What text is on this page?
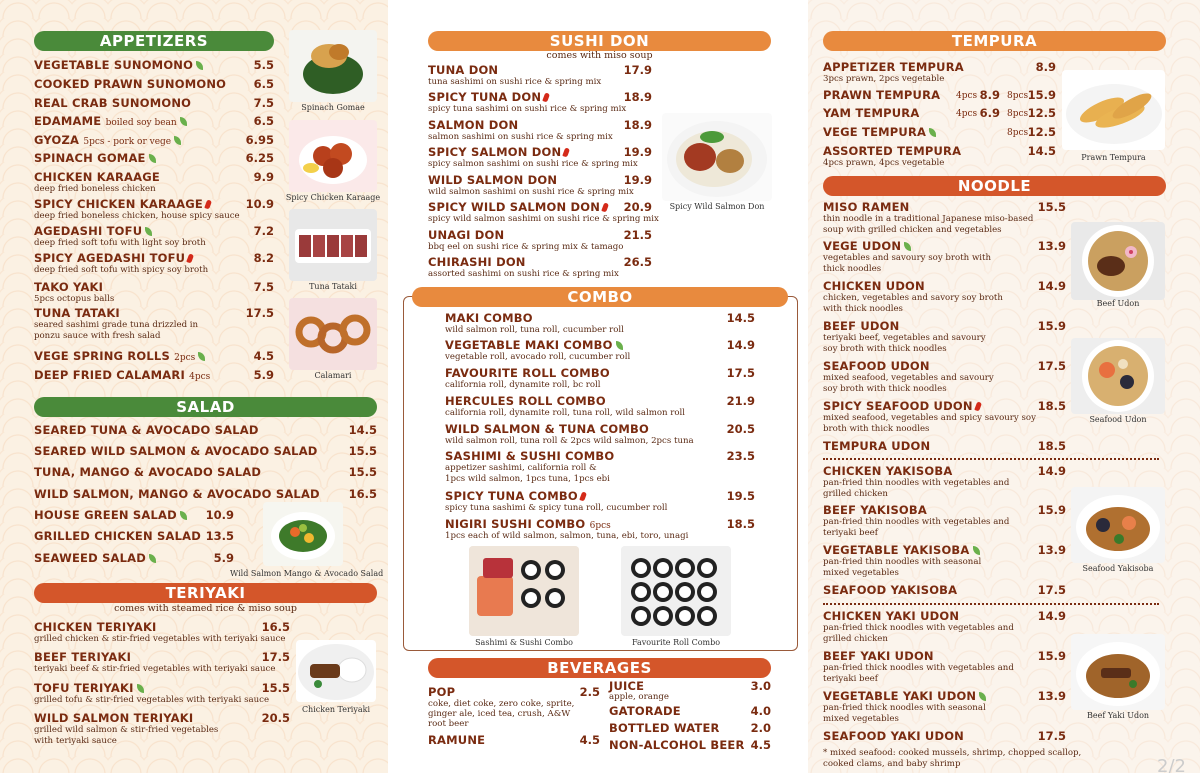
APPETIZERS
VEGETABLE SUNOMONO	5.5
COOKED PRAWN SUNOMONO	6.5
REAL CRAB SUNOMONO	7.5
EDAMAME boiled soy bean	6.5
GYOZA 5pcs - pork or vege	6.95
SPINACH GOMAE	6.25
CHICKEN KARAAGE
deep fried boneless chicken
9.9
SPICY CHICKEN KARAAGE
deep fried boneless chicken, house spicy sauce
10.9
AGEDASHI TOFU
deep fried soft tofu with light soy broth
7.2
SPICY AGEDASHI TOFU
deep fried soft tofu with spicy soy broth
8.2
TAKO YAKI
5pcs octopus balls
7.5
TUNA TATAKI
seared sashimi grade tuna drizzled in
ponzu sauce with fresh salad
17.5
VEGE SPRING ROLLS 2pcs	4.5
DEEP FRIED CALAMARI 4pcs	5.9
SALAD
SEARED TUNA & AVOCADO SALAD	14.5
SEARED WILD SALMON & AVOCADO SALAD	15.5
TUNA, MANGO & AVOCADO SALAD	15.5
WILD SALMON, MANGO & AVOCADO SALAD	16.5
HOUSE GREEN SALAD	10.9
GRILLED CHICKEN SALAD 13.5
SEAWEED SALAD	5.9
TERIYAKI
comes with steamed rice & miso soup
CHICKEN TERIYAKI
grilled chicken & stir-fried vegetables with teriyaki sauce
16.5
BEEF TERIYAKI
teriyaki beef & stir-fried vegetables with teriyaki sauce
17.5
TOFU TERIYAKI
grilled tofu & stir-fried vegetables with teriyaki sauce
15.5
WILD SALMON TERIYAKI
grilled wild salmon & stir-fried vegetables
with teriyaki sauce
20.5
Spinach Gomae
Spicy Chicken Karaage
Tuna Tataki
Calamari
Wild Salmon Mango & Avocado Salad
Chicken Teriyaki
SUSHI DON
comes with miso soup
TUNA DON
tuna sashimi on sushi rice & spring mix
17.9
SPICY TUNA DON
spicy tuna sashimi on sushi rice & spring mix
18.9
SALMON DON
salmon sashimi on sushi rice & spring mix
18.9
SPICY SALMON DON
spicy salmon sashimi on sushi rice & spring mix
19.9
WILD SALMON DON
wild salmon sashimi on sushi rice & spring mix
19.9
SPICY WILD SALMON DON
spicy wild salmon sashimi on sushi rice & spring mix
20.9
UNAGI DON
bbq eel on sushi rice & spring mix & tamago
21.5
CHIRASHI DON
assorted sashimi on sushi rice & spring mix
26.5
Spicy Wild Salmon Don
COMBO
MAKI COMBO
wild salmon roll, tuna roll, cucumber roll
14.5
VEGETABLE MAKI COMBO
vegetable roll, avocado roll, cucumber roll
14.9
FAVOURITE ROLL COMBO
california roll, dynamite roll, bc roll
17.5
HERCULES ROLL COMBO
california roll, dynamite roll, tuna roll, wild salmon roll
21.9
WILD SALMON & TUNA COMBO
wild salmon roll, tuna roll & 2pcs wild salmon, 2pcs tuna
20.5
SASHIMI & SUSHI COMBO
appetizer sashimi, california roll &
1pcs wild salmon, 1pcs tuna, 1pcs ebi
23.5
SPICY TUNA COMBO
spicy tuna sashimi & spicy tuna roll, cucumber roll
19.5
NIGIRI SUSHI COMBO 6pcs
1pcs each of wild salmon, salmon, tuna, ebi, toro, unagi
18.5
Sashimi & Sushi Combo	Favourite Roll Combo
BEVERAGES
POP
coke, diet coke, zero coke, sprite,
ginger ale, iced tea, crush, A&W
root beer
2.5
RAMUNE	4.5
JUICE
apple, orange
3.0
GATORADE	4.0
BOTTLED WATER	2.0
NON-ALCOHOL BEER 4.5
TEMPURA
APPETIZER TEMPURA
3pcs prawn, 2pcs vegetable
8.9
PRAWN TEMPURA 4pcs 8.9 8pcs 15.9
YAM TEMPURA	4pcs 6.9 8pcs 12.5
VEGE TEMPURA	8pcs 12.5
ASSORTED TEMPURA
4pcs prawn, 4pcs vegetable
14.5	Prawn Tempura
NOODLE
MISO RAMEN
thin noodle in a traditional Japanese miso-based
soup with grilled chicken and vegetables
15.5
VEGE UDON
vegetables and savoury soy broth with
thick noodles
13.9
CHICKEN UDON
chicken, vegetables and savory soy broth
with thick noodles
14.9
BEEF UDON
teriyaki beef, vegetables and savoury
soy broth with thick noodles
15.9
SEAFOOD UDON
mixed seafood, vegetables and savoury
soy broth with thick noodles
17.5
SPICY SEAFOOD UDON
mixed seafood, vegetables and spicy savoury soy
broth with thick noodles
18.5
TEMPURA UDON	18.5
CHICKEN YAKISOBA
pan-fried thin noodles with vegetables and
grilled chicken
14.9
BEEF YAKISOBA
pan-fried thin noodles with vegetables and
teriyaki beef
15.9
VEGETABLE YAKISOBA
pan-fried thin noodles with seasonal
mixed vegetables
13.9
SEAFOOD YAKISOBA	17.5
CHICKEN YAKI UDON
pan-fried thick noodles with vegetables and
grilled chicken
14.9
BEEF YAKI UDON
pan-fried thick noodles with vegetables and
teriyaki beef
15.9
VEGETABLE YAKI UDON
pan-fried thick noodles with seasonal
mixed vegetables
13.9
SEAFOOD YAKI UDON	17.5
Beef Udon
Seafood Udon
Seafood Yakisoba
Beef Yaki Udon
* mixed seafood: cooked mussels, shrimp, chopped scallop,
cooked clams, and baby shrimp	2/2
